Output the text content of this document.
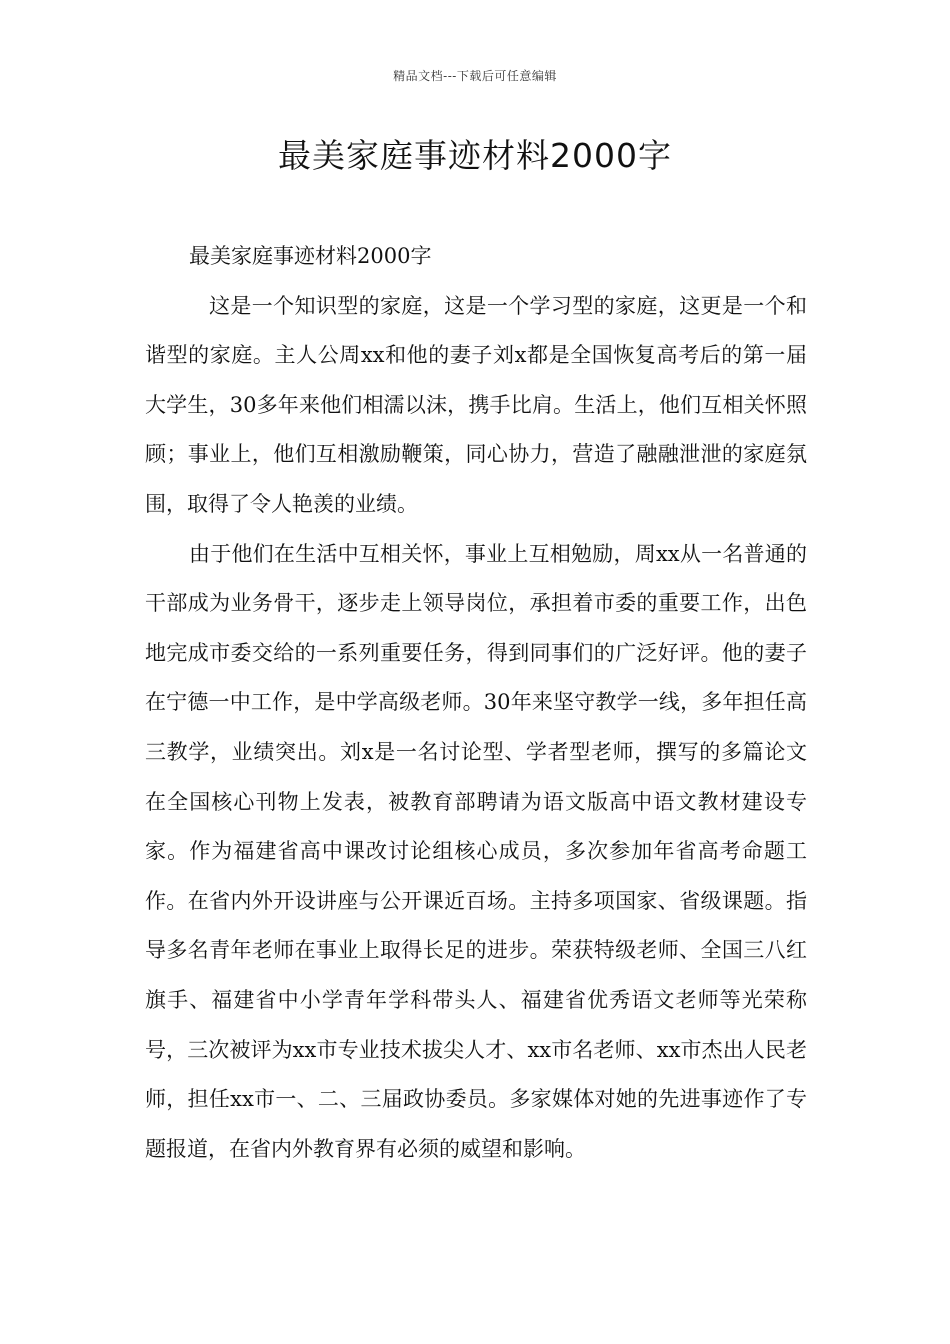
精品文档---下载后可任意编辑
最美家庭事迹材料2000字

最美家庭事迹材料2000字

这是一个知识型的家庭，这是一个学习型的家庭，这更是一个和谐型的家庭。主人公周xx和他的妻子刘x都是全国恢复高考后的第一届大学生，30多年来他们相濡以沫，携手比肩。生活上，他们互相关怀照顾；事业上，他们互相激励鞭策，同心协力，营造了融融泄泄的家庭氛围，取得了令人艳羡的业绩。

由于他们在生活中互相关怀，事业上互相勉励，周xx从一名普通的干部成为业务骨干，逐步走上领导岗位，承担着市委的重要工作，出色地完成市委交给的一系列重要任务，得到同事们的广泛好评。他的妻子在宁德一中工作，是中学高级老师。30年来坚守教学一线，多年担任高三教学，业绩突出。刘x是一名讨论型、学者型老师，撰写的多篇论文在全国核心刊物上发表，被教育部聘请为语文版高中语文教材建设专家。作为福建省高中课改讨论组核心成员，多次参加年省高考命题工作。在省内外开设讲座与公开课近百场。主持多项国家、省级课题。指导多名青年老师在事业上取得长足的进步。荣获特级老师、全国三八红旗手、福建省中小学青年学科带头人、福建省优秀语文老师等光荣称号，三次被评为xx市专业技术拔尖人才、xx市名老师、xx市杰出人民老师，担任xx市一、二、三届政协委员。多家媒体对她的先进事迹作了专题报道，在省内外教育界有必须的威望和影响。
